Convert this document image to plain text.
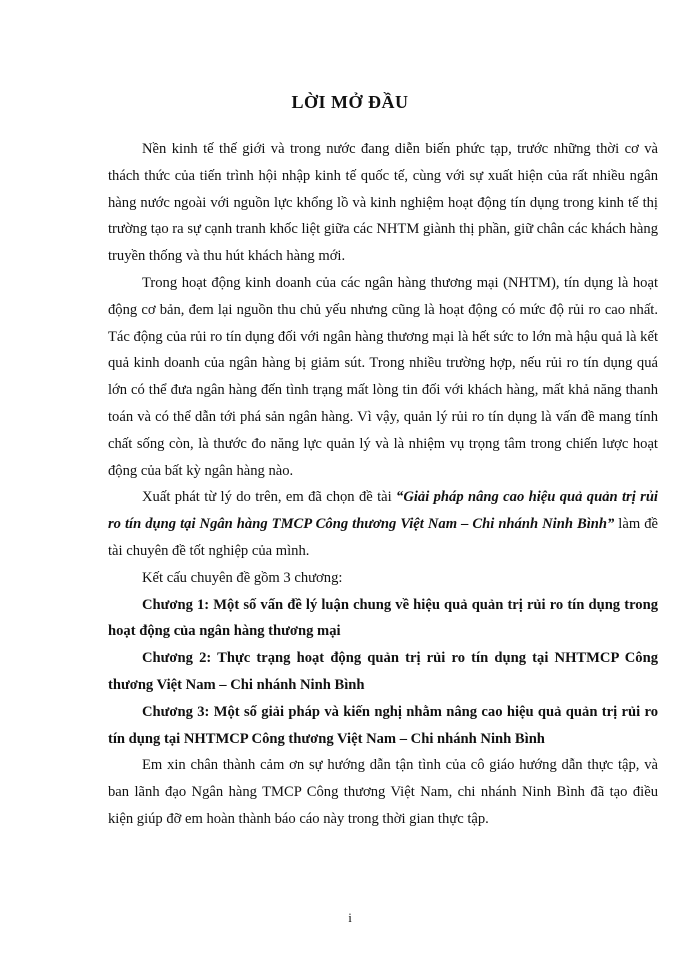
LỜI MỞ ĐẦU

Nền kinh tế thế giới và trong nước đang diễn biến phức tạp, trước những thời cơ và thách thức của tiến trình hội nhập kinh tế quốc tế, cùng với sự xuất hiện của rất nhiều ngân hàng nước ngoài với nguồn lực khổng lồ và kinh nghiệm hoạt động tín dụng trong kinh tế thị trường tạo ra sự cạnh tranh khốc liệt giữa các NHTM giành thị phần, giữ chân các khách hàng truyền thống và thu hút khách hàng mới.

Trong hoạt động kinh doanh của các ngân hàng thương mại (NHTM), tín dụng là hoạt động cơ bản, đem lại nguồn thu chủ yếu nhưng cũng là hoạt động có mức độ rủi ro cao nhất. Tác động của rủi ro tín dụng đối với ngân hàng thương mại là hết sức to lớn mà hậu quả là kết quả kinh doanh của ngân hàng bị giảm sút. Trong nhiều trường hợp, nếu rủi ro tín dụng quá lớn có thể đưa ngân hàng đến tình trạng mất lòng tin đối với khách hàng, mất khả năng thanh toán và có thể dẫn tới phá sản ngân hàng. Vì vậy, quản lý rủi ro tín dụng là vấn đề mang tính chất sống còn, là thước đo năng lực quản lý và là nhiệm vụ trọng tâm trong chiến lược hoạt động của bất kỳ ngân hàng nào.

Xuất phát từ lý do trên, em đã chọn đề tài “Giải pháp nâng cao hiệu quả quản trị rủi ro tín dụng tại Ngân hàng TMCP Công thương Việt Nam – Chi nhánh Ninh Bình” làm đề tài chuyên đề tốt nghiệp của mình.

Kết cấu chuyên đề gồm 3 chương:

Chương 1: Một số vấn đề lý luận chung về hiệu quả quản trị rủi ro tín dụng trong hoạt động của ngân hàng thương mại

Chương 2: Thực trạng hoạt động quản trị rủi ro tín dụng tại NHTMCP Công thương Việt Nam – Chi nhánh Ninh Bình

Chương 3: Một số giải pháp và kiến nghị nhằm nâng cao hiệu quả quản trị rủi ro tín dụng tại NHTMCP Công thương Việt Nam – Chi nhánh Ninh Bình

Em xin chân thành cảm ơn sự hướng dẫn tận tình của cô giáo hướng dẫn thực tập, và ban lãnh đạo Ngân hàng TMCP Công thương Việt Nam, chi nhánh Ninh Bình đã tạo điều kiện giúp đỡ em hoàn thành báo cáo này trong thời gian thực tập.

i
